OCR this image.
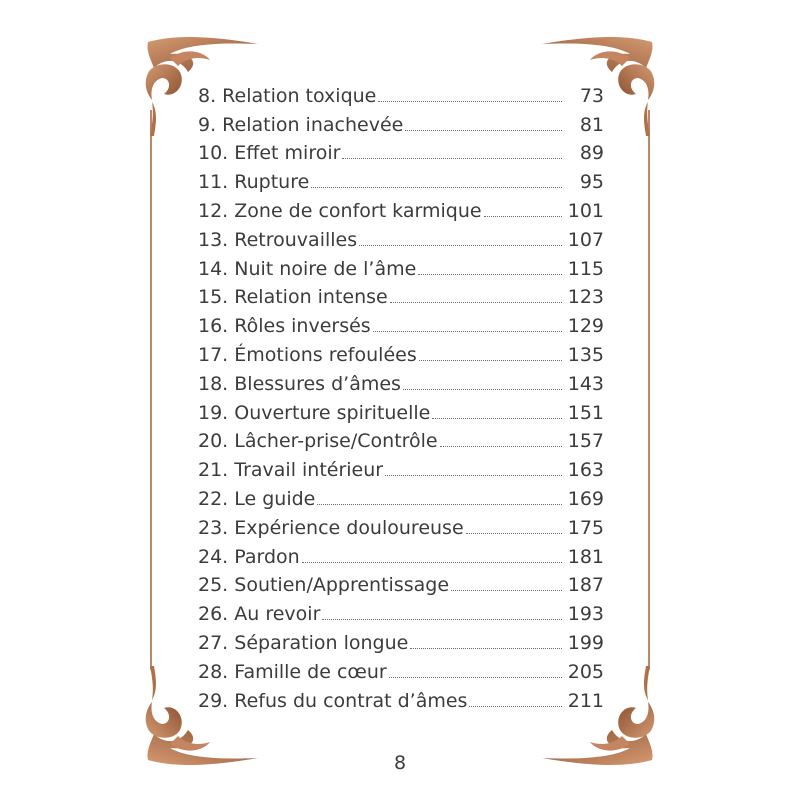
8. Relation toxique	73
9. Relation inachevée	81
10. Effet miroir	89
11. Rupture	95
12. Zone de confort karmique	101
13. Retrouvailles	107
14. Nuit noire de l’âme	115
15. Relation intense	123
16. Rôles inversés	129
17. Émotions refoulées	135
18. Blessures d’âmes	143
19. Ouverture spirituelle	151
20. Lâcher-prise/Contrôle	157
21. Travail intérieur	163
22. Le guide	169
23. Expérience douloureuse	175
24. Pardon	181
25. Soutien/Apprentissage	187
26. Au revoir	193
27. Séparation longue	199
28. Famille de cœur	205
29. Refus du contrat d’âmes	211
8
